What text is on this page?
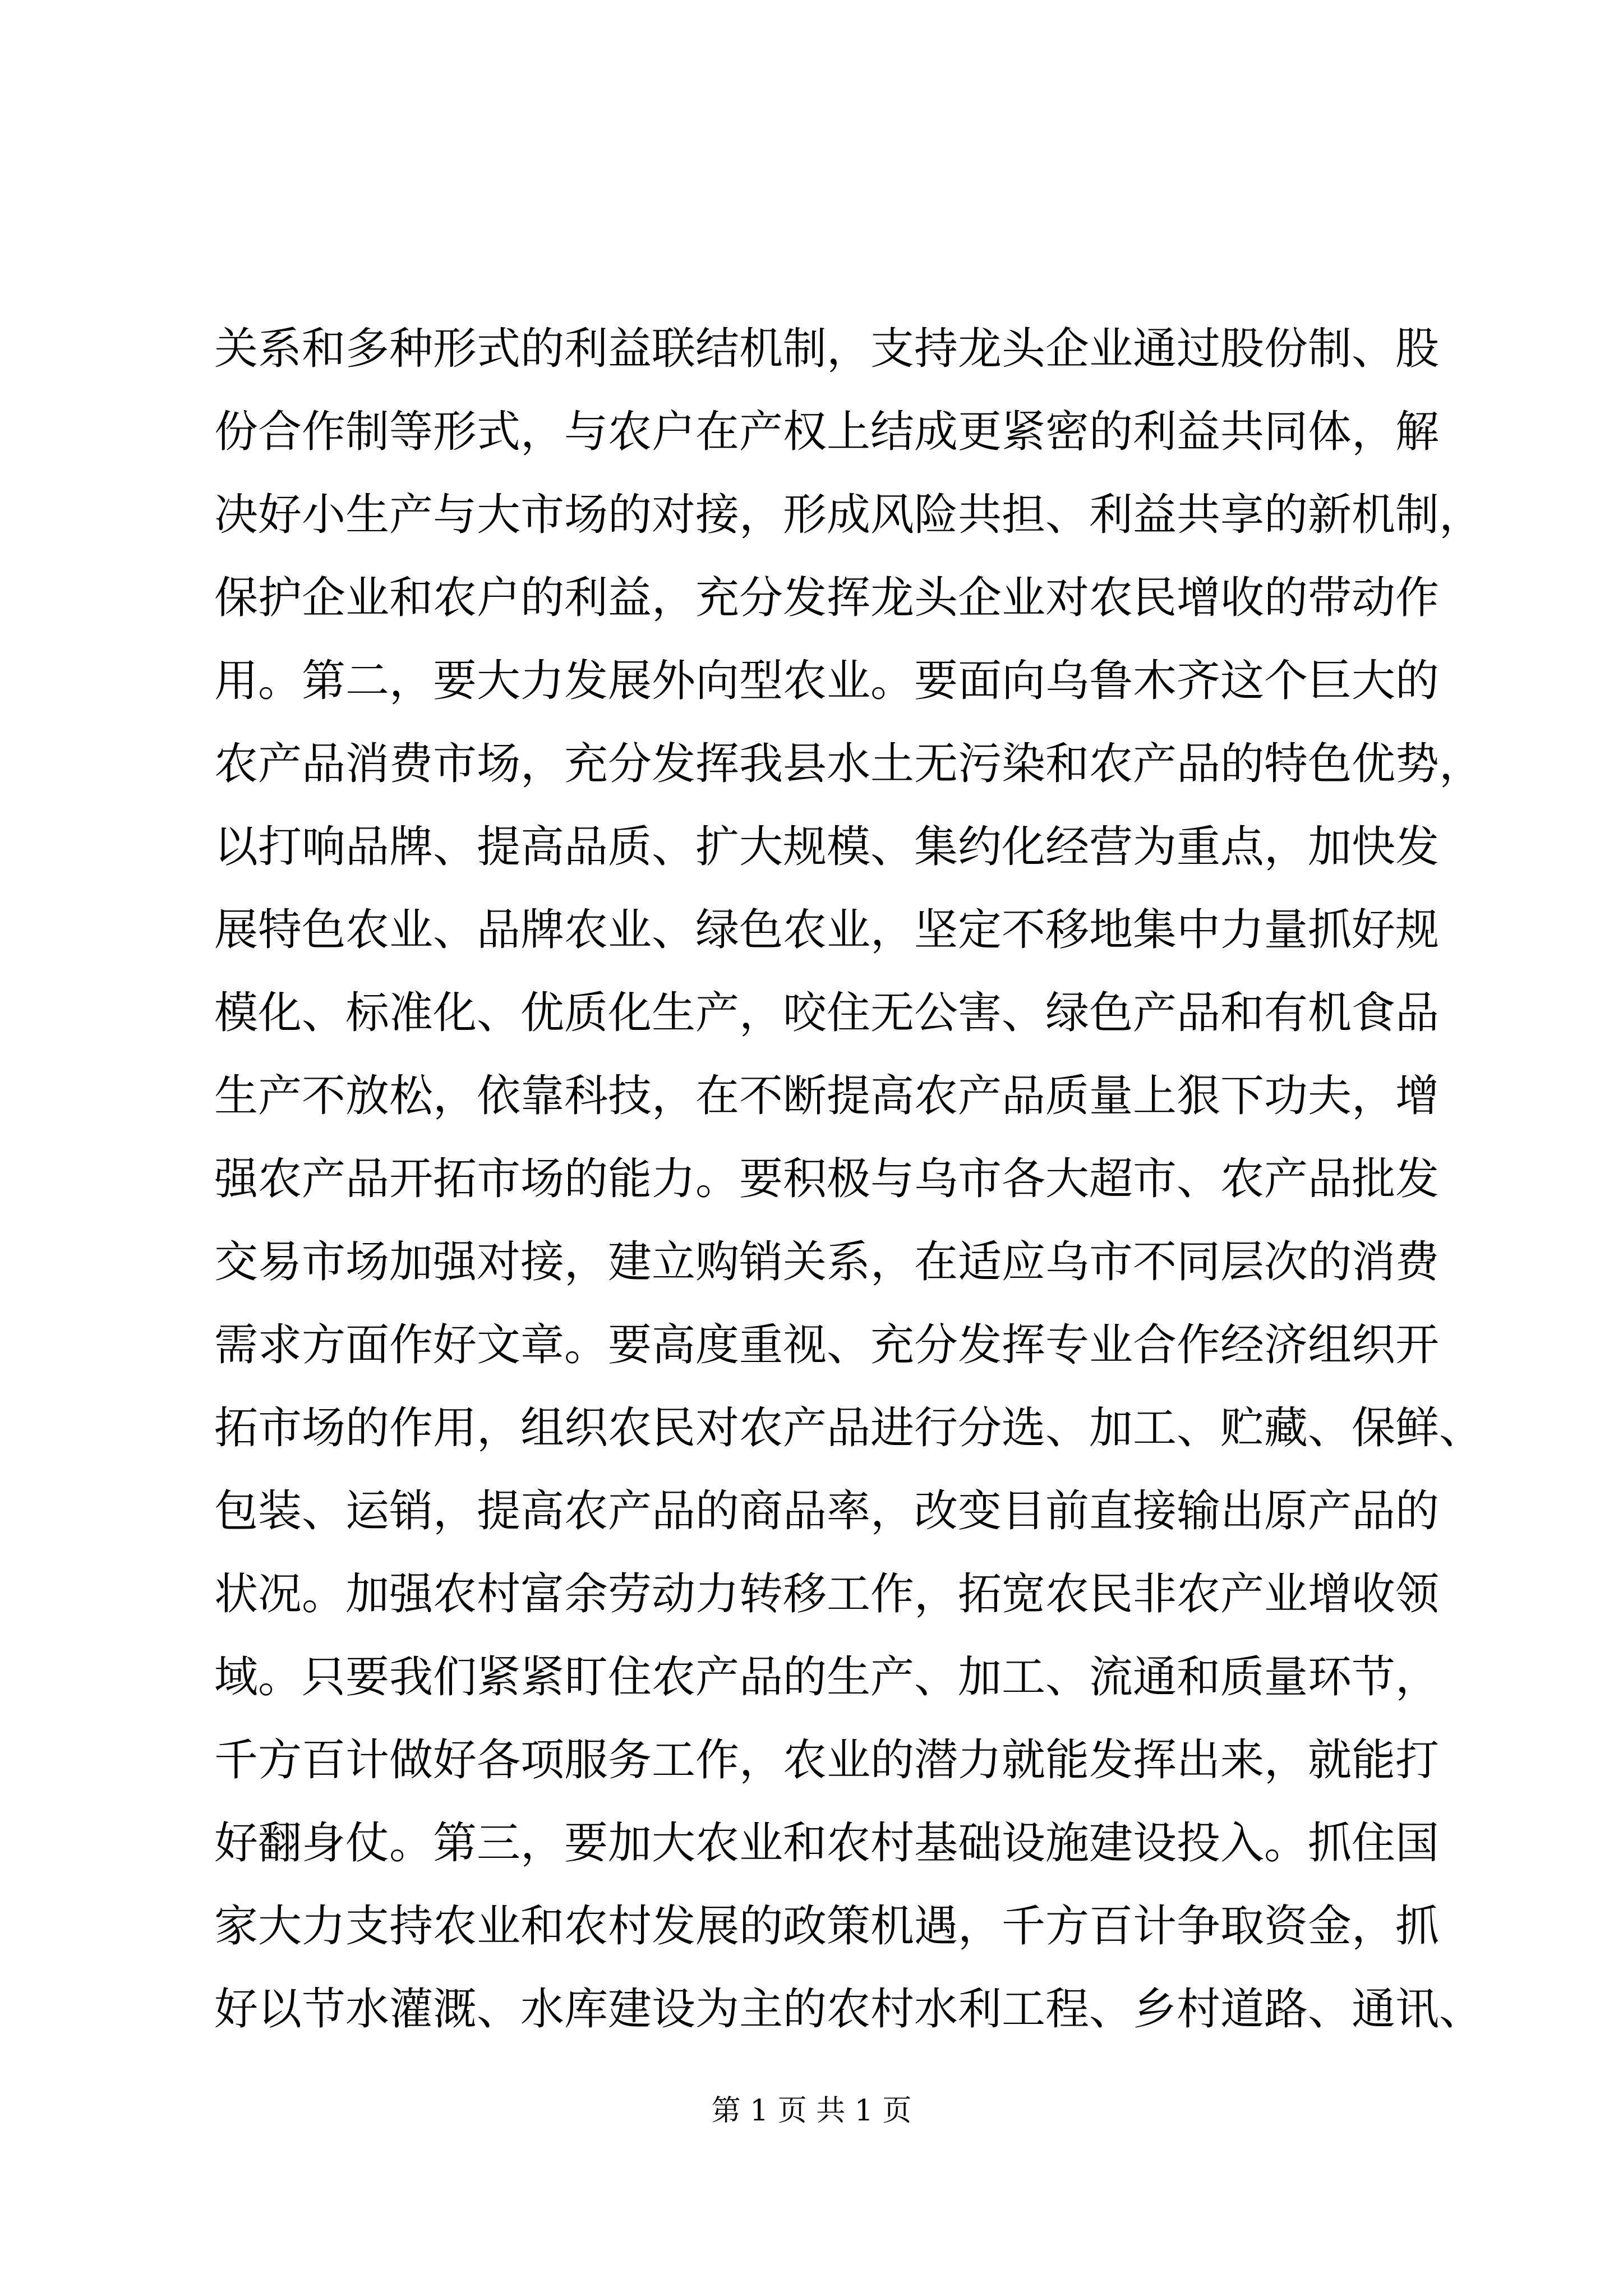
关系和多种形式的利益联结机制，支持龙头企业通过股份制、股
份合作制等形式，与农户在产权上结成更紧密的利益共同体，解
决好小生产与大市场的对接，形成风险共担、利益共享的新机制，
保护企业和农户的利益，充分发挥龙头企业对农民增收的带动作
用。第二，要大力发展外向型农业。要面向乌鲁木齐这个巨大的
农产品消费市场，充分发挥我县水土无污染和农产品的特色优势，
以打响品牌、提高品质、扩大规模、集约化经营为重点，加快发
展特色农业、品牌农业、绿色农业，坚定不移地集中力量抓好规
模化、标准化、优质化生产，咬住无公害、绿色产品和有机食品
生产不放松，依靠科技，在不断提高农产品质量上狠下功夫，增
强农产品开拓市场的能力。要积极与乌市各大超市、农产品批发
交易市场加强对接，建立购销关系，在适应乌市不同层次的消费
需求方面作好文章。要高度重视、充分发挥专业合作经济组织开
拓市场的作用，组织农民对农产品进行分选、加工、贮藏、保鲜、
包装、运销，提高农产品的商品率，改变目前直接输出原产品的
状况。加强农村富余劳动力转移工作，拓宽农民非农产业增收领
域。只要我们紧紧盯住农产品的生产、加工、流通和质量环节，
千方百计做好各项服务工作，农业的潜力就能发挥出来，就能打
好翻身仗。第三，要加大农业和农村基础设施建设投入。抓住国
家大力支持农业和农村发展的政策机遇，千方百计争取资金，抓
好以节水灌溉、水库建设为主的农村水利工程、乡村道路、通讯、
第 1 页 共 1 页
